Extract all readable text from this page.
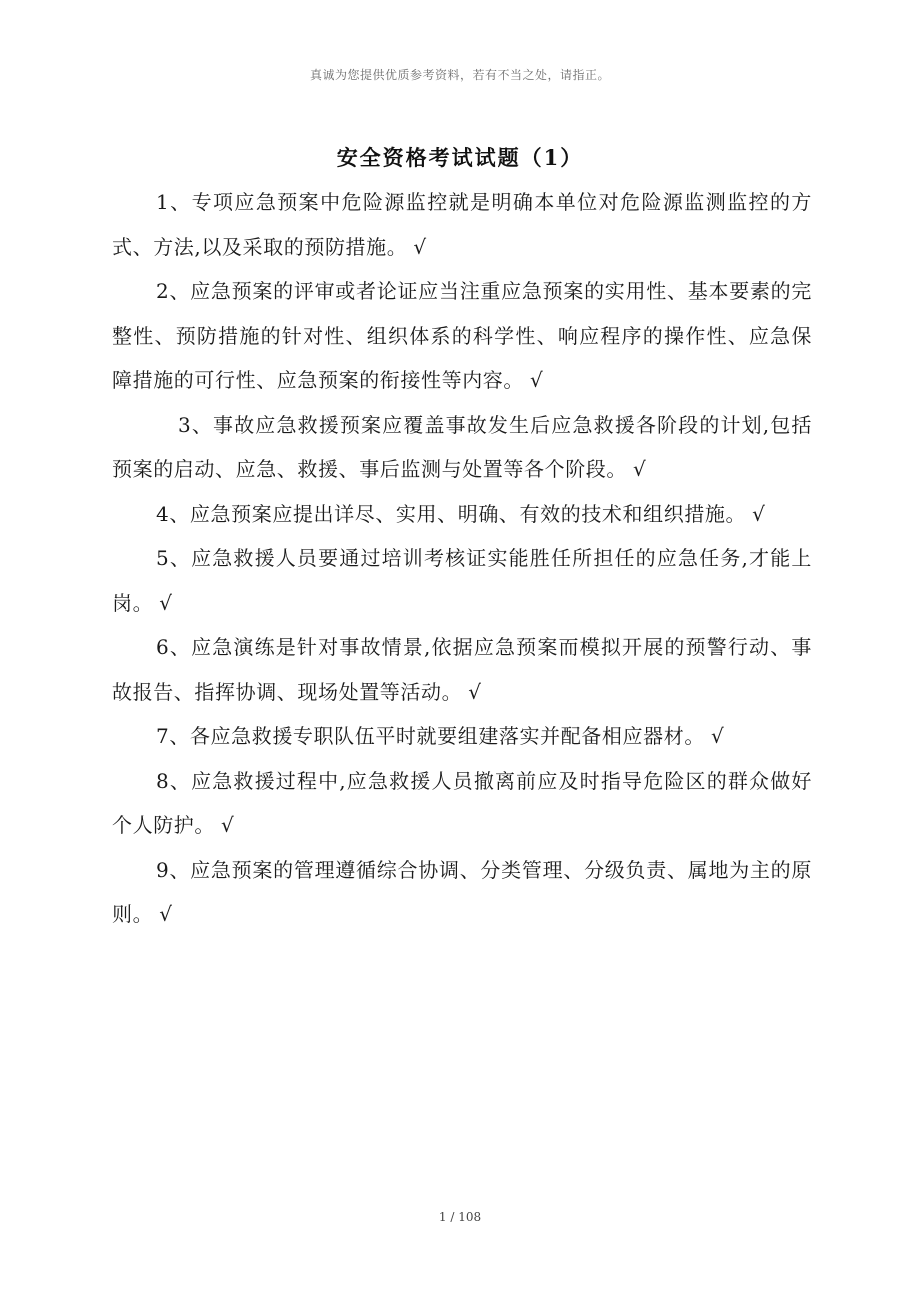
真诚为您提供优质参考资料，若有不当之处，请指正。
安全资格考试试题（1）
1、专项应急预案中危险源监控就是明确本单位对危险源监测监控的方式、方法,以及采取的预防措施。 √
2、应急预案的评审或者论证应当注重应急预案的实用性、基本要素的完整性、预防措施的针对性、组织体系的科学性、响应程序的操作性、应急保障措施的可行性、应急预案的衔接性等内容。 √
3、事故应急救援预案应覆盖事故发生后应急救援各阶段的计划,包括预案的启动、应急、救援、事后监测与处置等各个阶段。 √
4、应急预案应提出详尽、实用、明确、有效的技术和组织措施。 √
5、应急救援人员要通过培训考核证实能胜任所担任的应急任务,才能上岗。 √
6、应急演练是针对事故情景,依据应急预案而模拟开展的预警行动、事故报告、指挥协调、现场处置等活动。 √
7、各应急救援专职队伍平时就要组建落实并配备相应器材。 √
8、应急救援过程中,应急救援人员撤离前应及时指导危险区的群众做好个人防护。 √
9、应急预案的管理遵循综合协调、分类管理、分级负责、属地为主的原则。 √
1 / 108
